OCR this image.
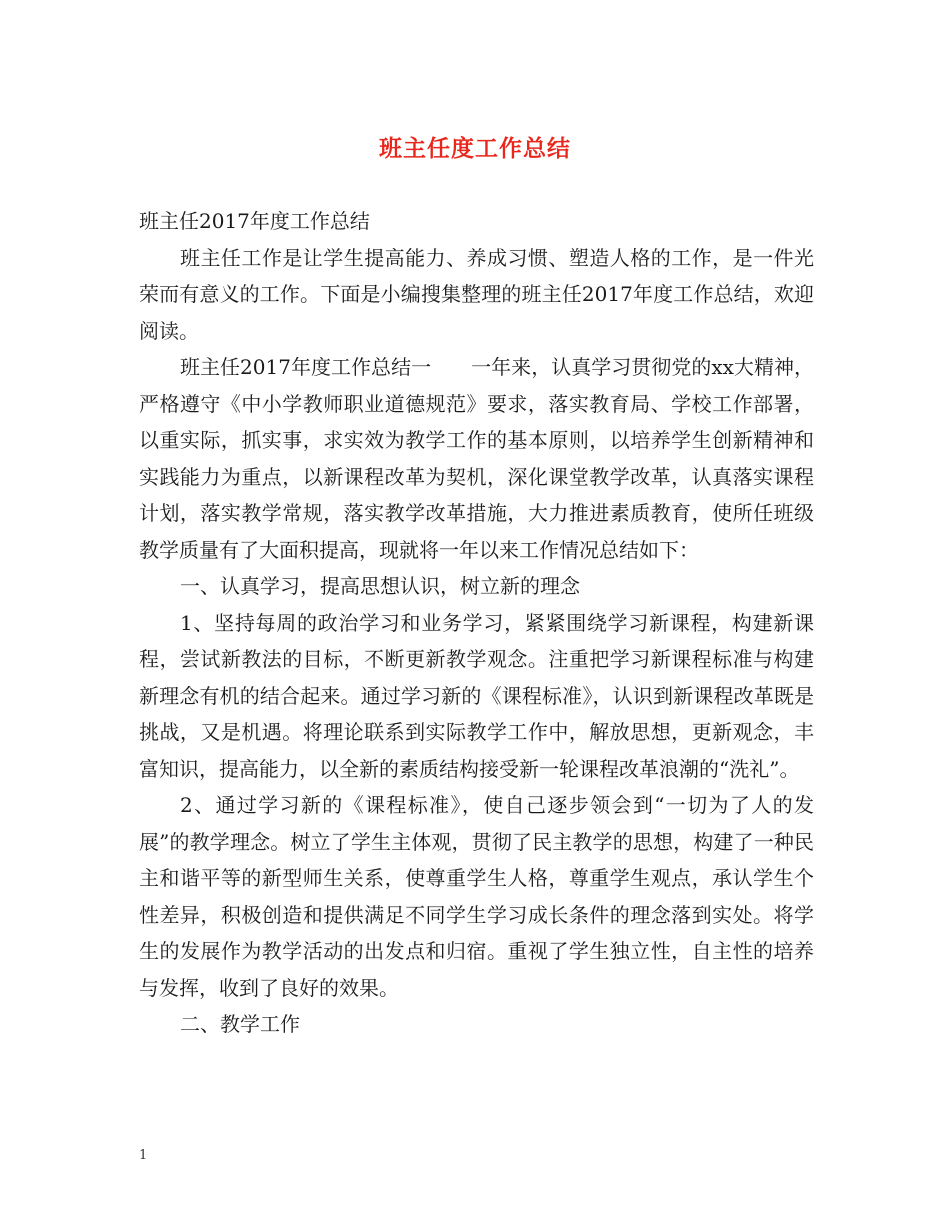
班主任度工作总结

班主任2017年度工作总结

班主任工作是让学生提高能力、养成习惯、塑造人格的工作，是一件光荣而有意义的工作。下面是小编搜集整理的班主任2017年度工作总结，欢迎阅读。

班主任2017年度工作总结一　　一年来，认真学习贯彻党的xx大精神，严格遵守《中小学教师职业道德规范》要求，落实教育局、学校工作部署，以重实际，抓实事，求实效为教学工作的基本原则，以培养学生创新精神和实践能力为重点，以新课程改革为契机，深化课堂教学改革，认真落实课程计划，落实教学常规，落实教学改革措施，大力推进素质教育，使所任班级教学质量有了大面积提高，现就将一年以来工作情况总结如下：

一、认真学习，提高思想认识，树立新的理念

1、坚持每周的政治学习和业务学习，紧紧围绕学习新课程，构建新课程，尝试新教法的目标，不断更新教学观念。注重把学习新课程标准与构建新理念有机的结合起来。通过学习新的《课程标准》，认识到新课程改革既是挑战，又是机遇。将理论联系到实际教学工作中，解放思想，更新观念，丰富知识，提高能力，以全新的素质结构接受新一轮课程改革浪潮的“洗礼”。

2、通过学习新的《课程标准》，使自己逐步领会到“一切为了人的发展”的教学理念。树立了学生主体观，贯彻了民主教学的思想，构建了一种民主和谐平等的新型师生关系，使尊重学生人格，尊重学生观点，承认学生个性差异，积极创造和提供满足不同学生学习成长条件的理念落到实处。将学生的发展作为教学活动的出发点和归宿。重视了学生独立性，自主性的培养与发挥，收到了良好的效果。

二、教学工作

1
